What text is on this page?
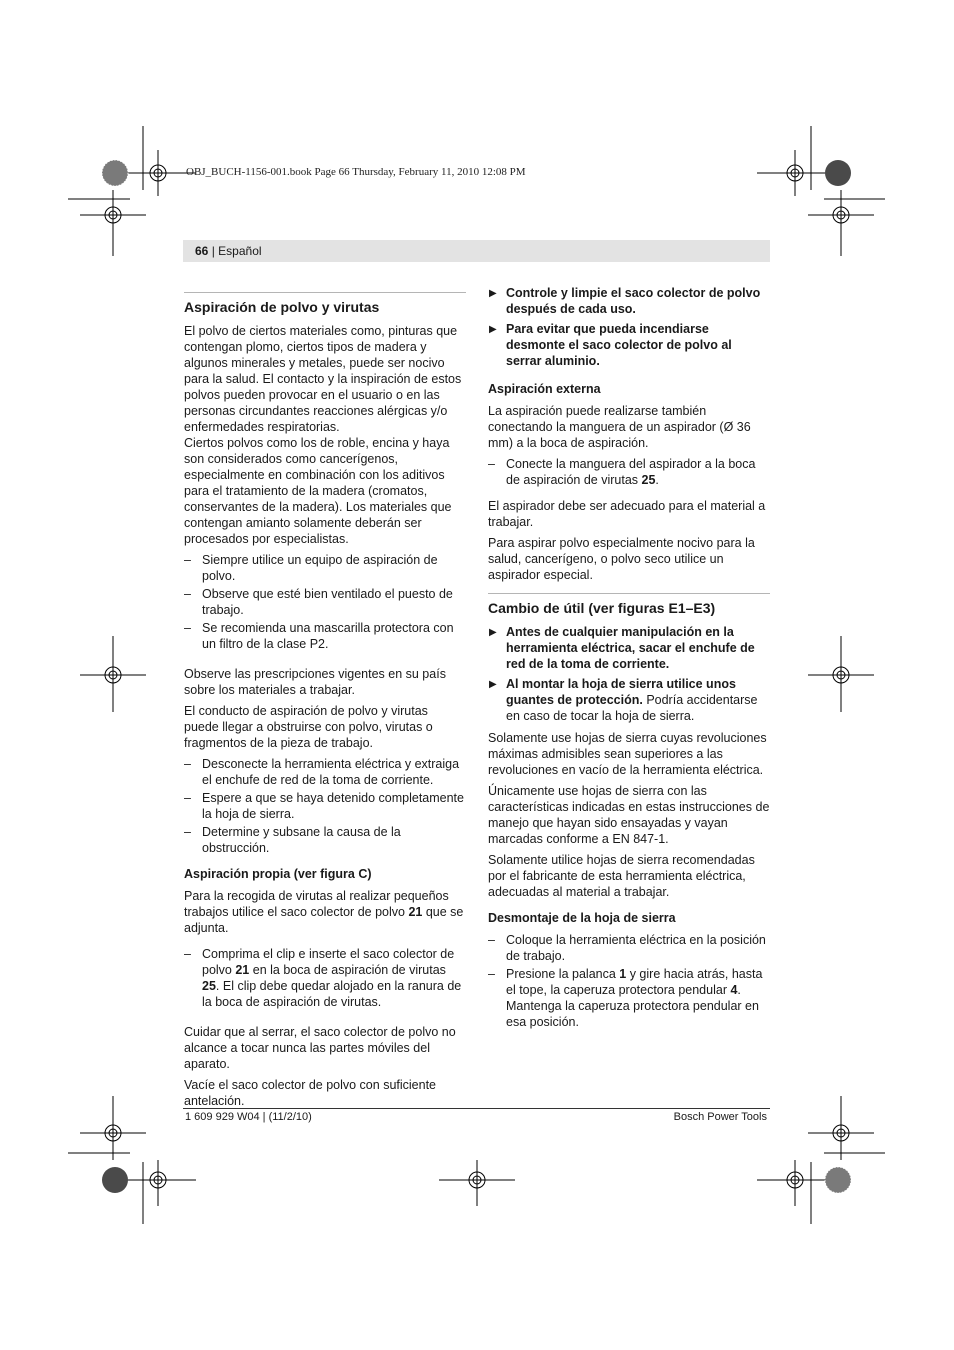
OBJ_BUCH-1156-001.book Page 66 Thursday, February 11, 2010 12:08 PM
66 | Español
Aspiración de polvo y virutas

El polvo de ciertos materiales como, pinturas que contengan plomo, ciertos tipos de madera y algunos minerales y metales, puede ser nocivo para la salud. El contacto y la inspiración de estos polvos pueden provocar en el usuario o en las personas circundantes reacciones alérgicas y/o enfermedades respiratorias.

Ciertos polvos como los de roble, encina y haya son considerados como cancerígenos, especialmente en combinación con los aditivos para el tratamiento de la madera (cromatos, conservantes de la madera). Los materiales que contengan amianto solamente deberán ser procesados por especialistas.

– Siempre utilice un equipo de aspiración de polvo.
– Observe que esté bien ventilado el puesto de trabajo.
– Se recomienda una mascarilla protectora con un filtro de la clase P2.

Observe las prescripciones vigentes en su país sobre los materiales a trabajar.

El conducto de aspiración de polvo y virutas puede llegar a obstruirse con polvo, virutas o fragmentos de la pieza de trabajo.

– Desconecte la herramienta eléctrica y extraiga el enchufe de red de la toma de corriente.
– Espere a que se haya detenido completamente la hoja de sierra.
– Determine y subsane la causa de la obstrucción.
Aspiración propia (ver figura C)

Para la recogida de virutas al realizar pequeños trabajos utilice el saco colector de polvo 21 que se adjunta.

– Comprima el clip e inserte el saco colector de polvo 21 en la boca de aspiración de virutas 25. El clip debe quedar alojado en la ranura de la boca de aspiración de virutas.

Cuidar que al serrar, el saco colector de polvo no alcance a tocar nunca las partes móviles del aparato.

Vacíe el saco colector de polvo con suficiente antelación.

▶ Controle y limpie el saco colector de polvo después de cada uso.
▶ Para evitar que pueda incendiarse desmonte el saco colector de polvo al serrar aluminio.
Aspiración externa

La aspiración puede realizarse también conectando la manguera de un aspirador (Ø 36 mm) a la boca de aspiración.

– Conecte la manguera del aspirador a la boca de aspiración de virutas 25.

El aspirador debe ser adecuado para el material a trabajar.

Para aspirar polvo especialmente nocivo para la salud, cancerígeno, o polvo seco utilice un aspirador especial.

Cambio de útil (ver figuras E1–E3)
▶ Antes de cualquier manipulación en la herramienta eléctrica, sacar el enchufe de red de la toma de corriente.
▶ Al montar la hoja de sierra utilice unos guantes de protección. Podría accidentarse en caso de tocar la hoja de sierra.

Solamente use hojas de sierra cuyas revoluciones máximas admisibles sean superiores a las revoluciones en vacío de la herramienta eléctrica.

Únicamente use hojas de sierra con las características indicadas en estas instrucciones de manejo que hayan sido ensayadas y vayan marcadas conforme a EN 847-1.

Solamente utilice hojas de sierra recomendadas por el fabricante de esta herramienta eléctrica, adecuadas al material a trabajar.

Desmontaje de la hoja de sierra
– Coloque la herramienta eléctrica en la posición de trabajo.
– Presione la palanca 1 y gire hacia atrás, hasta el tope, la caperuza protectora pendular 4. Mantenga la caperuza protectora pendular en esa posición.
1 609 929 W04 | (11/2/10)	Bosch Power Tools
